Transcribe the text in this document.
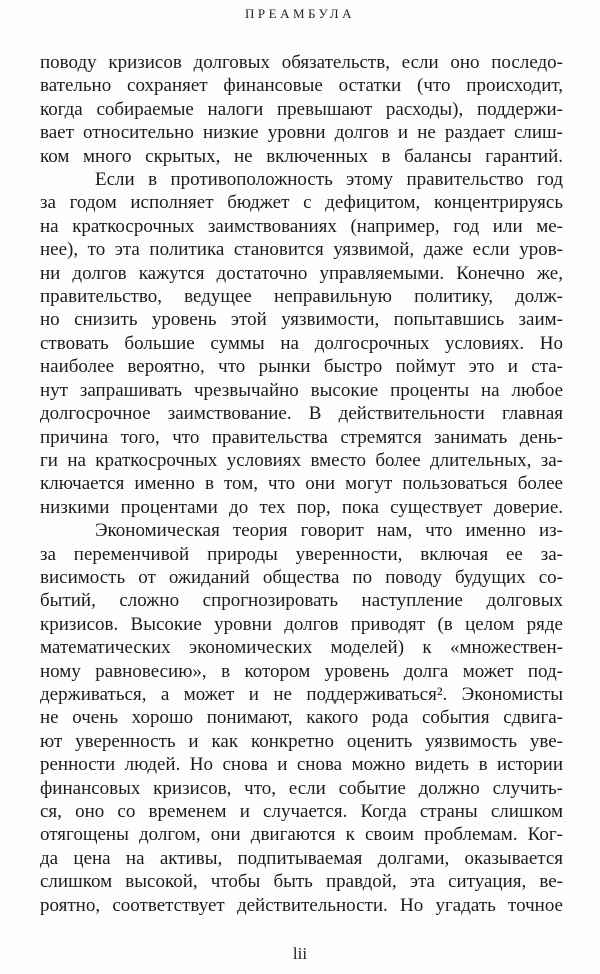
ПРЕАМБУЛА
поводу кризисов долговых обязательств, если оно последо-
вательно сохраняет финансовые остатки (что происходит,
когда собираемые налоги превышают расходы), поддержи-
вает относительно низкие уровни долгов и не раздает слиш-
ком много скрытых, не включенных в балансы гарантий.
Если в противоположность этому правительство год
за годом исполняет бюджет с дефицитом, концентрируясь
на краткосрочных заимствованиях (например, год или ме-
нее), то эта политика становится уязвимой, даже если уров-
ни долгов кажутся достаточно управляемыми. Конечно же,
правительство, ведущее неправильную политику, долж-
но снизить уровень этой уязвимости, попытавшись заим-
ствовать большие суммы на долгосрочных условиях. Но
наиболее вероятно, что рынки быстро поймут это и ста-
нут запрашивать чрезвычайно высокие проценты на любое
долгосрочное заимствование. В действительности главная
причина того, что правительства стремятся занимать день-
ги на краткосрочных условиях вместо более длительных, за-
ключается именно в том, что они могут пользоваться более
низкими процентами до тех пор, пока существует доверие.
Экономическая теория говорит нам, что именно из-
за переменчивой природы уверенности, включая ее за-
висимость от ожиданий общества по поводу будущих со-
бытий, сложно спрогнозировать наступление долговых
кризисов. Высокие уровни долгов приводят (в целом ряде
математических экономических моделей) к «множествен-
ному равновесию», в котором уровень долга может под-
держиваться, а может и не поддерживаться². Экономисты
не очень хорошо понимают, какого рода события сдвига-
ют уверенность и как конкретно оценить уязвимость уве-
ренности людей. Но снова и снова можно видеть в истории
финансовых кризисов, что, если событие должно случить-
ся, оно со временем и случается. Когда страны слишком
отягощены долгом, они двигаются к своим проблемам. Ког-
да цена на активы, подпитываемая долгами, оказывается
слишком высокой, чтобы быть правдой, эта ситуация, ве-
роятно, соответствует действительности. Но угадать точное
lii
